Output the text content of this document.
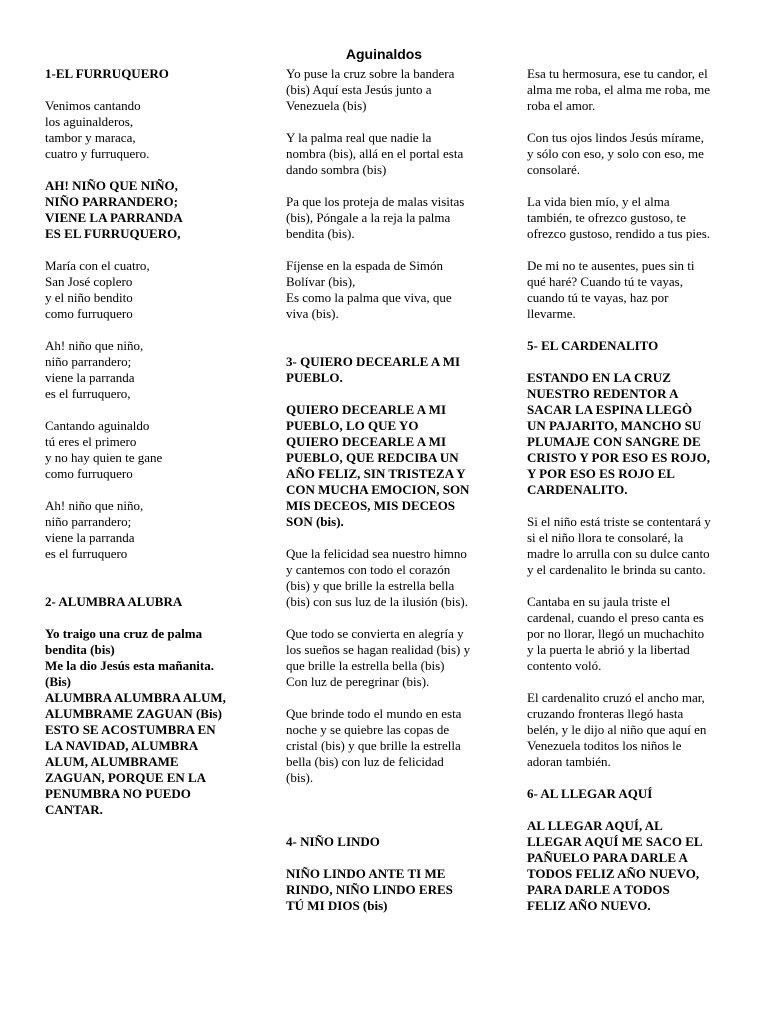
Aguinaldos
1-EL FURRUQUERO
Venimos cantando
los aguinalderos,
tambor y maraca,
cuatro y furruquero.
AH! NIÑO QUE NIÑO,
NIÑO PARRANDERO;
VIENE LA PARRANDA
ES EL FURRUQUERO,
María con el cuatro,
San José coplero
y el niño bendito
como furruquero
Ah! niño que niño,
niño parrandero;
viene la parranda
es el furruquero,
Cantando aguinaldo
tú eres el primero
y no hay quien te gane
como furruquero
Ah! niño que niño,
niño parrandero;
viene la parranda
es el furruquero
2- ALUMBRA ALUBRA
Yo traigo una cruz de palma
bendita (bis)
Me la dio Jesús esta mañanita.
(Bis)
ALUMBRA ALUMBRA ALUM,
ALUMBRAME ZAGUAN (Bis)
ESTO SE ACOSTUMBRA EN
LA NAVIDAD, ALUMBRA
ALUM, ALUMBRAME
ZAGUAN, PORQUE EN LA
PENUMBRA NO PUEDO
CANTAR.
Yo puse la cruz sobre la bandera
(bis) Aquí esta Jesús junto a
Venezuela (bis)
Y la palma real que nadie la
nombra (bis), allá en el portal esta
dando sombra (bis)
Pa que los proteja de malas visitas
(bis), Póngale a la reja la palma
bendita (bis).
Fíjense en la espada de Simón
Bolívar (bis),
Es como la palma que viva, que
viva (bis).
3- QUIERO DECEARLE A MI
PUEBLO.
QUIERO DECEARLE A MI
PUEBLO, LO QUE YO
QUIERO DECEARLE A MI
PUEBLO, QUE REDCIBA UN
AÑO FELIZ, SIN TRISTEZA Y
CON MUCHA EMOCION, SON
MIS DECEOS, MIS DECEOS
SON (bis).
Que la felicidad sea nuestro himno
y cantemos con todo el corazón
(bis) y que brille la estrella bella
(bis) con sus luz de la ilusión (bis).
Que todo se convierta en alegría y
los sueños se hagan realidad (bis) y
que brille la estrella bella (bis)
Con luz de peregrinar (bis).
Que brinde todo el mundo en esta
noche y se quiebre las copas de
cristal (bis) y que brille la estrella
bella (bis) con luz de felicidad
(bis).
4- NIÑO LINDO
NIÑO LINDO ANTE TI ME
RINDO, NIÑO LINDO ERES
TÚ MI DIOS (bis)
Esa tu hermosura, ese tu candor, el
alma me roba, el alma me roba, me
roba el amor.
Con tus ojos lindos Jesús mírame,
y sólo con eso, y solo con eso, me
consolaré.
La vida bien mío, y el alma
también, te ofrezco gustoso, te
ofrezco gustoso, rendido a tus pies.
De mi no te ausentes, pues sin ti
qué haré? Cuando tú te vayas,
cuando tú te vayas, haz por
llevarme.
5- EL CARDENALITO
ESTANDO EN LA CRUZ
NUESTRO REDENTOR A
SACAR LA ESPINA LLEGÒ
UN PAJARITO, MANCHO SU
PLUMAJE CON SANGRE DE
CRISTO Y POR ESO ES ROJO,
Y POR ESO ES ROJO EL
CARDENALITO.
Si el niño está triste se contentará y
si el niño llora te consolaré, la
madre lo arrulla con su dulce canto
y el cardenalito le brinda su canto.
Cantaba en su jaula triste el
cardenal, cuando el preso canta es
por no llorar, llegó un muchachito
y la puerta le abrió y la libertad
contento voló.
El cardenalito cruzó el ancho mar,
cruzando fronteras llegó hasta
belén, y le dijo al niño que aquí en
Venezuela toditos los niños le
adoran también.
6- AL LLEGAR AQUÍ
AL LLEGAR AQUÍ, AL
LLEGAR AQUÍ ME SACO EL
PAÑUELO PARA DARLE A
TODOS FELIZ AÑO NUEVO,
PARA DARLE A TODOS
FELIZ AÑO NUEVO.
